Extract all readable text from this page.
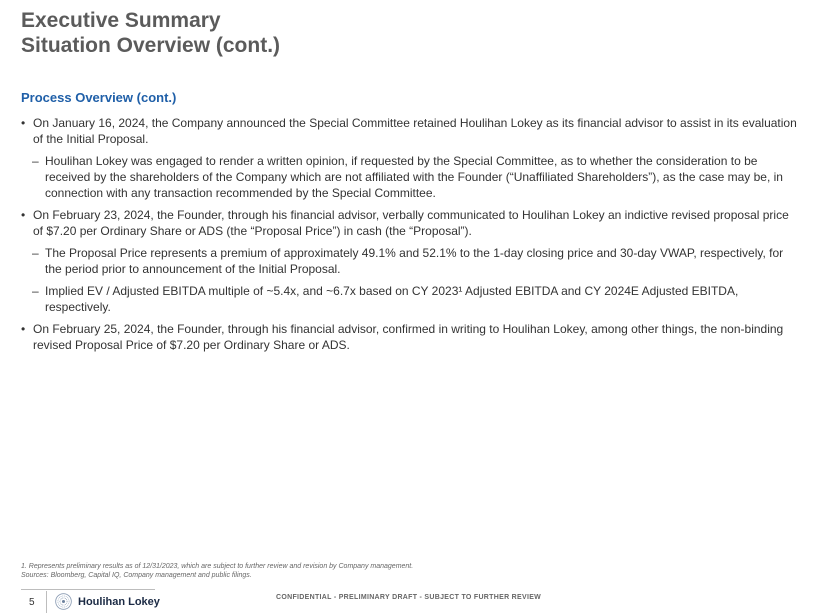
Executive Summary
Situation Overview (cont.)
Process Overview (cont.)
• On January 16, 2024, the Company announced the Special Committee retained Houlihan Lokey as its financial advisor to assist in its evaluation of the Initial Proposal.
– Houlihan Lokey was engaged to render a written opinion, if requested by the Special Committee, as to whether the consideration to be received by the shareholders of the Company which are not affiliated with the Founder (“Unaffiliated Shareholders”), as the case may be, in connection with any transaction recommended by the Special Committee.
• On February 23, 2024, the Founder, through his financial advisor, verbally communicated to Houlihan Lokey an indictive revised proposal price of $7.20 per Ordinary Share or ADS (the “Proposal Price”) in cash (the “Proposal”).
– The Proposal Price represents a premium of approximately 49.1% and 52.1% to the 1-day closing price and 30-day VWAP, respectively, for the period prior to announcement of the Initial Proposal.
– Implied EV / Adjusted EBITDA multiple of ~5.4x, and ~6.7x based on CY 2023¹ Adjusted EBITDA and CY 2024E Adjusted EBITDA, respectively.
• On February 25, 2024, the Founder, through his financial advisor, confirmed in writing to Houlihan Lokey, among other things, the non-binding revised Proposal Price of $7.20 per Ordinary Share or ADS.
1. Represents preliminary results as of 12/31/2023, which are subject to further review and revision by Company management.
Sources: Bloomberg, Capital IQ, Company management and public filings.
5	Houlihan Lokey	CONFIDENTIAL - PRELIMINARY DRAFT - SUBJECT TO FURTHER REVIEW
